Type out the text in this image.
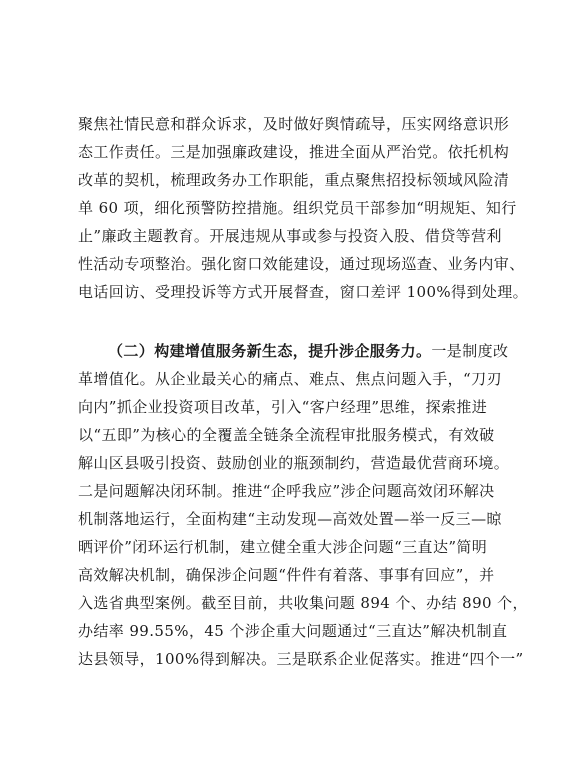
聚焦社情民意和群众诉求，及时做好舆情疏导，压实网络意识形
态工作责任。三是加强廉政建设，推进全面从严治党。依托机构
改革的契机，梳理政务办工作职能，重点聚焦招投标领域风险清
单 60 项，细化预警防控措施。组织党员干部参加“明规矩、知行
止”廉政主题教育。开展违规从事或参与投资入股、借贷等营利
性活动专项整治。强化窗口效能建设，通过现场巡查、业务内审、
电话回访、受理投诉等方式开展督查，窗口差评 100%得到处理。
（二）构建增值服务新生态，提升涉企服务力。一是制度改
革增值化。从企业最关心的痛点、难点、焦点问题入手，“刀刃
向内”抓企业投资项目改革，引入“客户经理”思维，探索推进
以“五即”为核心的全覆盖全链条全流程审批服务模式，有效破
解山区县吸引投资、鼓励创业的瓶颈制约，营造最优营商环境。
二是问题解决闭环制。推进“企呼我应”涉企问题高效闭环解决
机制落地运行，全面构建“主动发现—高效处置—举一反三—晾
晒评价”闭环运行机制，建立健全重大涉企问题“三直达”简明
高效解决机制，确保涉企问题“件件有着落、事事有回应”，并
入选省典型案例。截至目前，共收集问题 894 个、办结 890 个，
办结率 99.55%，45 个涉企重大问题通过“三直达”解决机制直
达县领导，100%得到解决。三是联系企业促落实。推进“四个一”
